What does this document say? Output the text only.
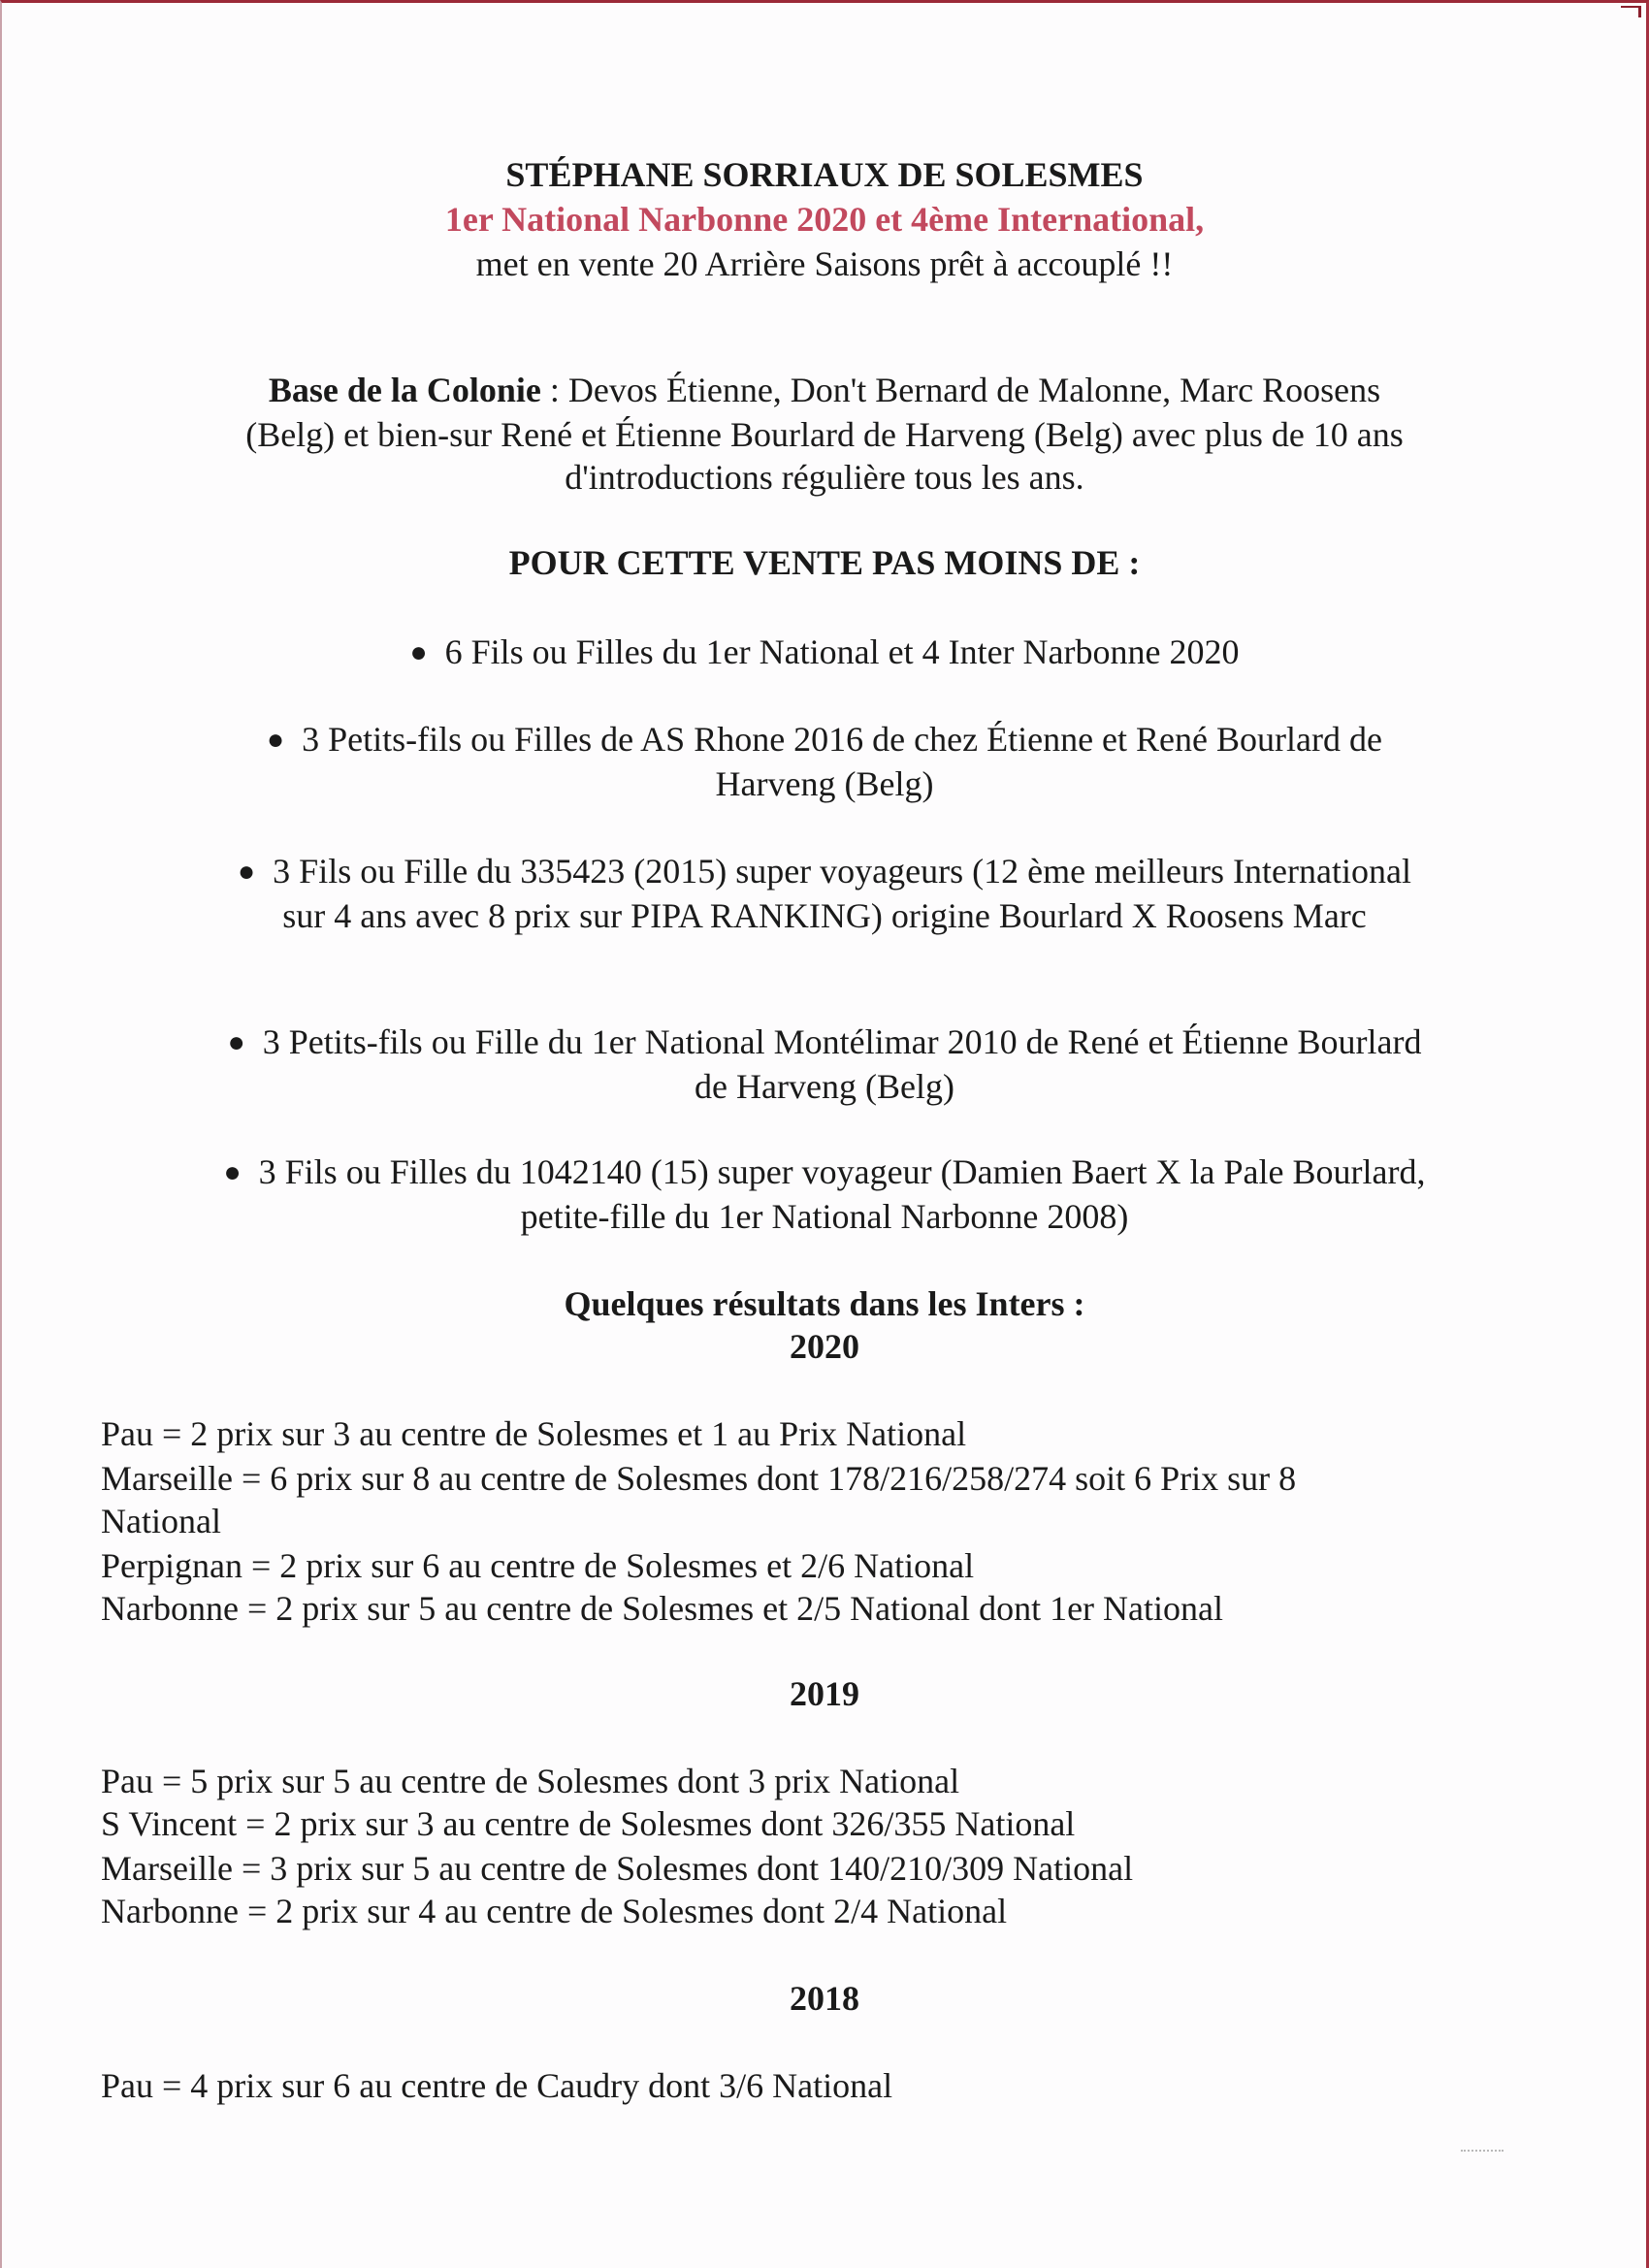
STÉPHANE SORRIAUX DE SOLESMES
1er National Narbonne 2020 et 4ème International,
met en vente 20 Arrière Saisons prêt à accouplé !!
Base de la Colonie : Devos Étienne, Don't Bernard de Malonne, Marc Roosens
(Belg) et bien-sur René et Étienne Bourlard de Harveng (Belg) avec plus de 10 ans
d'introductions régulière tous les ans.
POUR CETTE VENTE PAS MOINS DE :
● 6 Fils ou Filles du 1er National et 4 Inter Narbonne 2020
● 3 Petits-fils ou Filles de AS Rhone 2016 de chez Étienne et René Bourlard de
Harveng (Belg)
● 3 Fils ou Fille du 335423 (2015) super voyageurs (12 ème meilleurs International
sur 4 ans avec 8 prix sur PIPA RANKING) origine Bourlard X Roosens Marc
● 3 Petits-fils ou Fille du 1er National Montélimar 2010 de René et Étienne Bourlard
de Harveng (Belg)
● 3 Fils ou Filles du 1042140 (15) super voyageur (Damien Baert X la Pale Bourlard,
petite-fille du 1er National Narbonne 2008)
Quelques résultats dans les Inters :
2020
Pau = 2 prix sur 3 au centre de Solesmes et 1 au Prix National
Marseille = 6 prix sur 8 au centre de Solesmes dont 178/216/258/274 soit 6 Prix sur 8
National
Perpignan = 2 prix sur 6 au centre de Solesmes et 2/6 National
Narbonne = 2 prix sur 5 au centre de Solesmes et 2/5 National dont 1er National
2019
Pau = 5 prix sur 5 au centre de Solesmes dont 3 prix National
S Vincent = 2 prix sur 3 au centre de Solesmes dont 326/355 National
Marseille = 3 prix sur 5 au centre de Solesmes dont 140/210/309 National
Narbonne = 2 prix sur 4 au centre de Solesmes dont 2/4 National
2018
Pau = 4 prix sur 6 au centre de Caudry dont 3/6 National
